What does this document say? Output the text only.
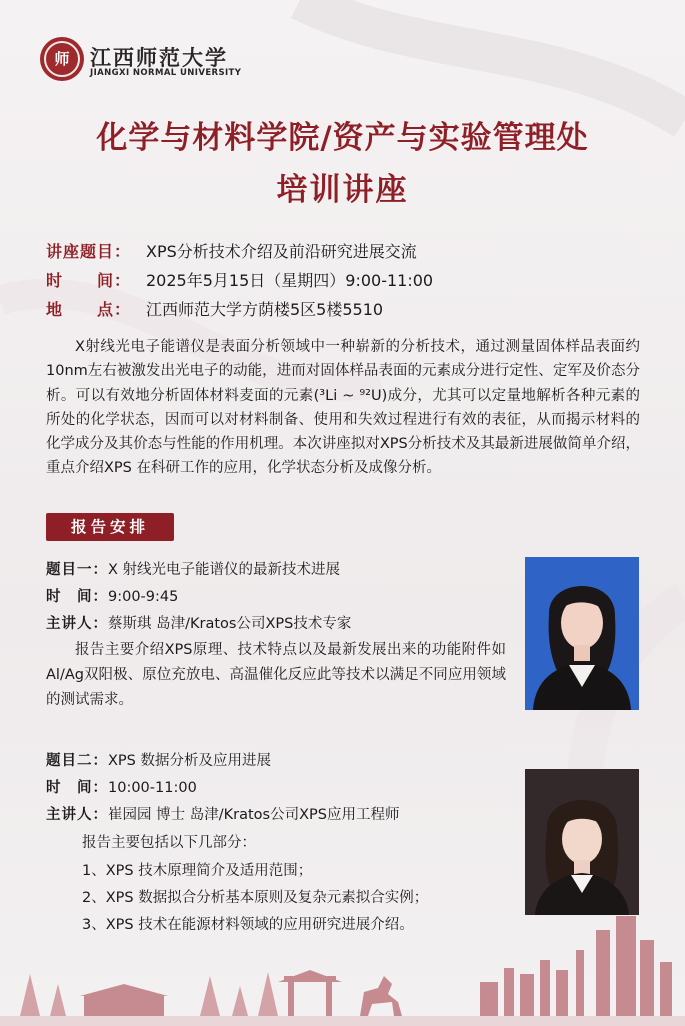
师 江西师范大学
JIANGXI NORMAL UNIVERSITY
化学与材料学院/资产与实验管理处
培训讲座
讲座题目： XPS分析技术介绍及前沿研究进展交流
时　　间： 2025年5月15日（星期四）9:00-11:00
地　　点： 江西师范大学方荫楼5区5楼5510

X射线光电子能谱仪是表面分析领域中一种崭新的分析技术，通过测量固体样品表面约10nm左右被激发出光电子的动能，进而对固体样品表面的元素成分进行定性、定军及价态分析。可以有效地分析固体材料麦面的元素(³Li ~ ⁹²U)成分，尤其可以定量地解析各种元素的所处的化学状态，因而可以对材料制备、使用和失效过程进行有效的表征，从而揭示材料的化学成分及其价态与性能的作用机理。本次讲座拟对XPS分析技术及其最新进展做简单介绍，重点介绍XPS 在科研工作的应用，化学状态分析及成像分析。

报告安排
题目一：X 射线光电子能谱仪的最新技术进展
时　间：9:00-9:45
主讲人：蔡斯琪 岛津/Kratos公司XPS技术专家

报告主要介绍XPS原理、技术特点以及最新发展出来的功能附件如Al/Ag双阳极、原位充放电、高温催化反应此等技术以满足不同应用领域的测试需求。

题目二：XPS 数据分析及应用进展
时　间：10:00-11:00
主讲人：崔园园 博士 岛津/Kratos公司XPS应用工程师
报告主要包括以下几部分：
1、XPS 技木原理简介及适用范围；
2、XPS 数据拟合分析基本原则及复杂元素拟合实例；
3、XPS 技术在能源材料领域的应用研究进展介绍。
